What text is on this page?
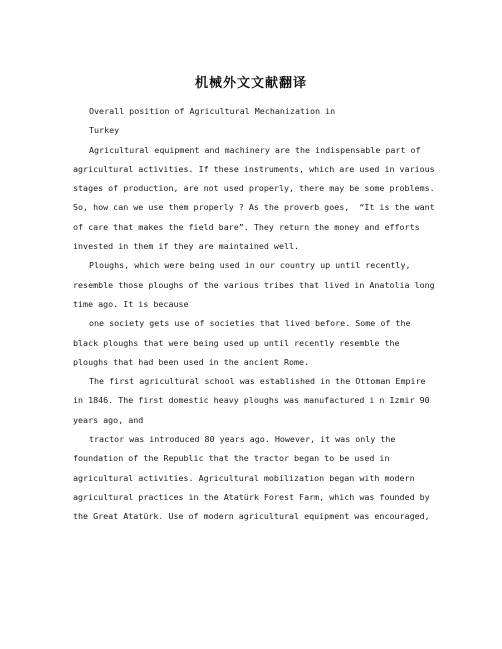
机械外文文献翻译
Overall position of Agricultural Mechanization in
Turkey
Agricultural equipment and machinery are the indispensable part of
agricultural activities. If these instruments, which are used in various
stages of production, are not used properly, there may be some problems.
So, how can we use them properly ? As the proverb goes,  “It is the want
of care that makes the field bare”. They return the money and efforts
invested in them if they are maintained well.
Ploughs, which were being used in our country up until recently,
resemble those ploughs of the various tribes that lived in Anatolia long
time ago. It is because
one society gets use of societies that lived before. Some of the
black ploughs that were being used up until recently resemble the
ploughs that had been used in the ancient Rome.
The first agricultural school was established in the Ottoman Empire
in 1846. The first domestic heavy ploughs was manufactured i n Izmir 90
years ago, and
tractor was introduced 80 years ago. However, it was only the
foundation of the Republic that the tractor began to be used in
agricultural activities. Agricultural mobilization began with modern
agricultural practices in the Atatürk Forest Farm, which was founded by
the Great Atatürk. Use of modern agricultural equipment was encouraged,
